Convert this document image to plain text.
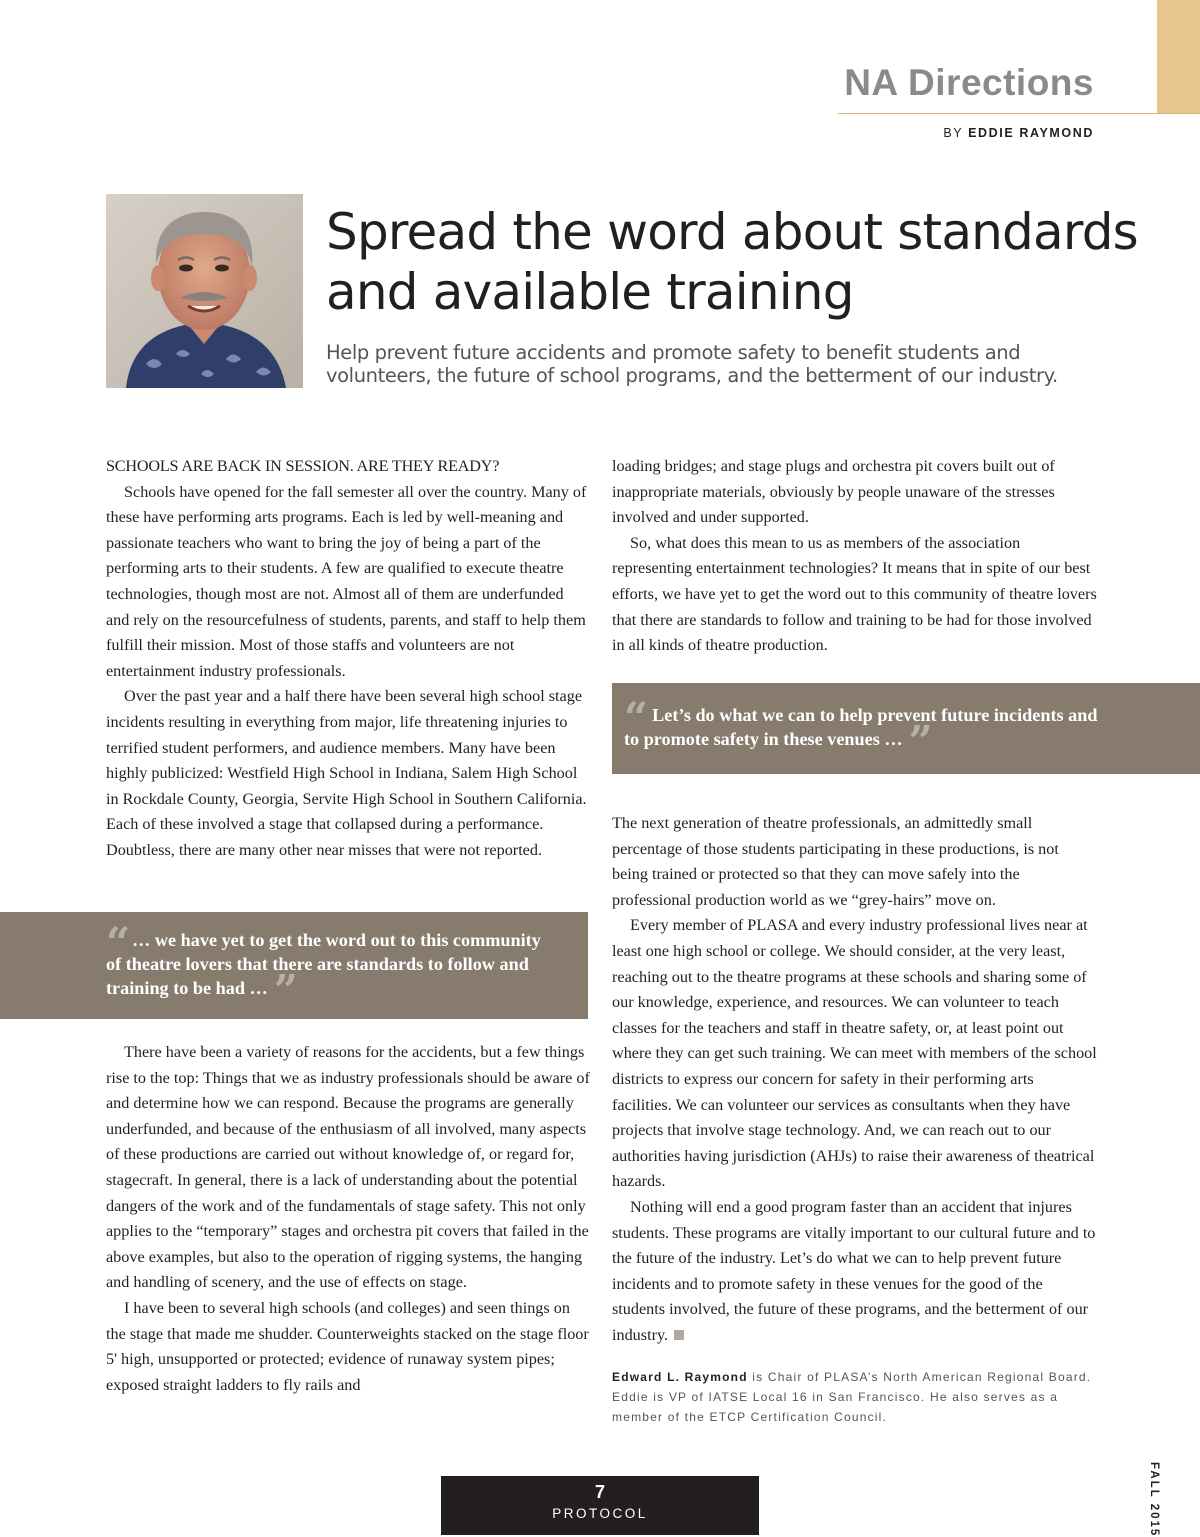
NA Directions
BY EDDIE RAYMOND
Spread the word about standards and available training

Help prevent future accidents and promote safety to benefit students and volunteers, the future of school programs, and the betterment of our industry.

SCHOOLS ARE BACK IN SESSION. ARE THEY READY?

Schools have opened for the fall semester all over the country. Many of these have performing arts programs. Each is led by well-meaning and passionate teachers who want to bring the joy of being a part of the performing arts to their students. A few are qualified to execute theatre technologies, though most are not. Almost all of them are underfunded and rely on the resourcefulness of students, parents, and staff to help them fulfill their mission. Most of those staffs and volunteers are not entertainment industry professionals.

Over the past year and a half there have been several high school stage incidents resulting in everything from major, life threatening injuries to terrified student performers, and audience members. Many have been highly publicized: Westfield High School in Indiana, Salem High School in Rockdale County, Georgia, Servite High School in Southern California. Each of these involved a stage that collapsed during a performance. Doubtless, there are many other near misses that were not reported.

“ … we have yet to get the word out to this community of theatre lovers that there are standards to follow and training to be had … ”

There have been a variety of reasons for the accidents, but a few things rise to the top: Things that we as industry professionals should be aware of and determine how we can respond. Because the programs are generally underfunded, and because of the enthusiasm of all involved, many aspects of these productions are carried out without knowledge of, or regard for, stagecraft. In general, there is a lack of understanding about the potential dangers of the work and of the fundamentals of stage safety. This not only applies to the “temporary” stages and orchestra pit covers that failed in the above examples, but also to the operation of rigging systems, the hanging and handling of scenery, and the use of effects on stage.

I have been to several high schools (and colleges) and seen things on the stage that made me shudder. Counterweights stacked on the stage floor 5' high, unsupported or protected; evidence of runaway system pipes; exposed straight ladders to fly rails and

loading bridges; and stage plugs and orchestra pit covers built out of inappropriate materials, obviously by people unaware of the stresses involved and under supported.

So, what does this mean to us as members of the association representing entertainment technologies? It means that in spite of our best efforts, we have yet to get the word out to this community of theatre lovers that there are standards to follow and training to be had for those involved in all kinds of theatre production.

“ Let’s do what we can to help prevent future incidents and to promote safety in these venues … ”

The next generation of theatre professionals, an admittedly small percentage of those students participating in these productions, is not being trained or protected so that they can move safely into the professional production world as we “grey-hairs” move on.

Every member of PLASA and every industry professional lives near at least one high school or college. We should consider, at the very least, reaching out to the theatre programs at these schools and sharing some of our knowledge, experience, and resources. We can volunteer to teach classes for the teachers and staff in theatre safety, or, at least point out where they can get such training. We can meet with members of the school districts to express our concern for safety in their performing arts facilities. We can volunteer our services as consultants when they have projects that involve stage technology. And, we can reach out to our authorities having jurisdiction (AHJs) to raise their awareness of theatrical hazards.

Nothing will end a good program faster than an accident that injures students. These programs are vitally important to our cultural future and to the future of the industry. Let’s do what we can to help prevent future incidents and to promote safety in these venues for the good of the students involved, the future of these programs, and the betterment of our industry.

Edward L. Raymond is Chair of PLASA’s North American Regional Board. Eddie is VP of IATSE Local 16 in San Francisco. He also serves as a member of the ETCP Certification Council.
7
PROTOCOL	FALL 2015
